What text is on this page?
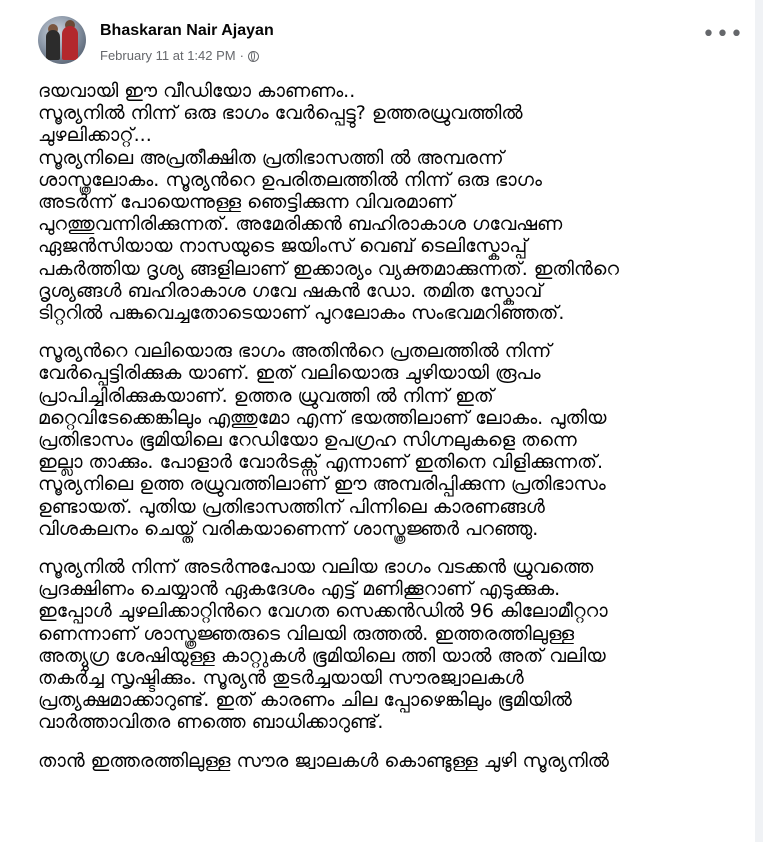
Bhaskaran Nair Ajayan
February 11 at 1:42 PM ·
•••
ദയവായി ഈ വീഡിയോ കാണണം..
സൂര്യനിൽ നിന്ന് ഒരു ഭാഗം വേർപ്പെട്ടു? ഉത്തരധ്രുവത്തിൽ
ചുഴലിക്കാറ്റ്...
സൂര്യനിലെ അപ്രതീക്ഷിത പ്രതിഭാസത്തി ൽ അമ്പരന്ന്
ശാസ്ത്രലോകം. സൂര്യന്‍റെ ഉപരിതലത്തിൽ നിന്ന് ഒരു ഭാഗം
അടർന്ന് പോയെന്നുള്ള ഞെട്ടിക്കുന്ന വിവരമാണ്
പുറത്തുവന്നിരിക്കുന്നത്. അമേരിക്കൻ ബഹിരാകാശ ഗവേഷണ
ഏജൻസിയായ നാസയുടെ ജയിംസ് വെബ് ടെലിസ്കോപ്പ്
പകർത്തിയ ദൃശ്യ ങ്ങളിലാണ് ഇക്കാര്യം വ്യക്തമാക്കുന്നത്. ഇതിന്‍റെ
ദൃശ്യങ്ങൾ ബഹിരാകാശ ഗവേ ഷകൻ ഡോ. തമിത സ്കോവ്
ടിറ്ററിൽ പങ്കുവെച്ചതോടെയാണ് പുറലോകം സംഭവമറിഞ്ഞത്.
സൂര്യന്‍റെ വലിയൊരു ഭാഗം അതിന്‍റെ പ്രതലത്തിൽ നിന്ന്
വേർപ്പെട്ടിരിക്കുക യാണ്. ഇത് വലിയൊരു ചുഴിയായി രൂപം
പ്രാപിച്ചിരിക്കുകയാണ്. ഉത്തര ധ്രുവത്തി ൽ നിന്ന് ഇത്
മറ്റെവിടേക്കെങ്കിലും എത്തുമോ എന്ന് ഭയത്തിലാണ് ലോകം. പുതിയ
പ്രതിഭാസം ഭൂമിയിലെ റേഡിയോ ഉപഗ്രഹ സിഗ്നലുകളെ തന്നെ
ഇല്ലാ താക്കും. പോളാർ വോർടക്സ് എന്നാണ് ഇതിനെ വിളിക്കുന്നത്.
സൂര്യനിലെ ഉത്ത രധ്രുവത്തിലാണ് ഈ അമ്പരിപ്പിക്കുന്ന പ്രതിഭാസം
ഉണ്ടായത്. പുതിയ പ്രതിഭാസത്തിന് പിന്നിലെ കാരണങ്ങൾ
വിശകലനം ചെയ്ത് വരികയാണെന്ന് ശാസ്ത്രജ്ഞർ പറഞ്ഞു.
സൂര്യനിൽ നിന്ന് അടർന്നുപോയ വലിയ ഭാഗം വടക്കൻ ധ്രുവത്തെ
പ്രദക്ഷിണം ചെയ്യാൻ ഏകദേശം എട്ട് മണിക്കൂറാണ് എടുക്കുക.
ഇപ്പോൾ ചുഴലിക്കാറ്റിന്‍റെ വേഗത സെക്കൻഡിൽ 96 കിലോമീറ്ററാ
ണെന്നാണ് ശാസ്ത്രജ്ഞരുടെ വിലയി രുത്തൽ. ഇത്തരത്തിലുള്ള
അത്യുഗ്ര ശേഷിയുള്ള കാറ്റുകൾ ഭൂമിയിലെ ത്തി യാൽ അത് വലിയ
തകർച്ച സൃഷ്ടിക്കും. സൂര്യൻ തുടർച്ചയായി സൗരജ്വാലകൾ
പ്രത്യക്ഷമാക്കാറുണ്ട്. ഇത് കാരണം ചില പ്പോഴെങ്കിലും ഭൂമിയിൽ
വാർത്താവിതര ണത്തെ ബാധിക്കാറുണ്ട്.
താൻ ഇത്തരത്തിലുള്ള സൗര ജ്വാലകൾ കൊണ്ടുള്ള ചുഴി സൂര്യനിൽ
